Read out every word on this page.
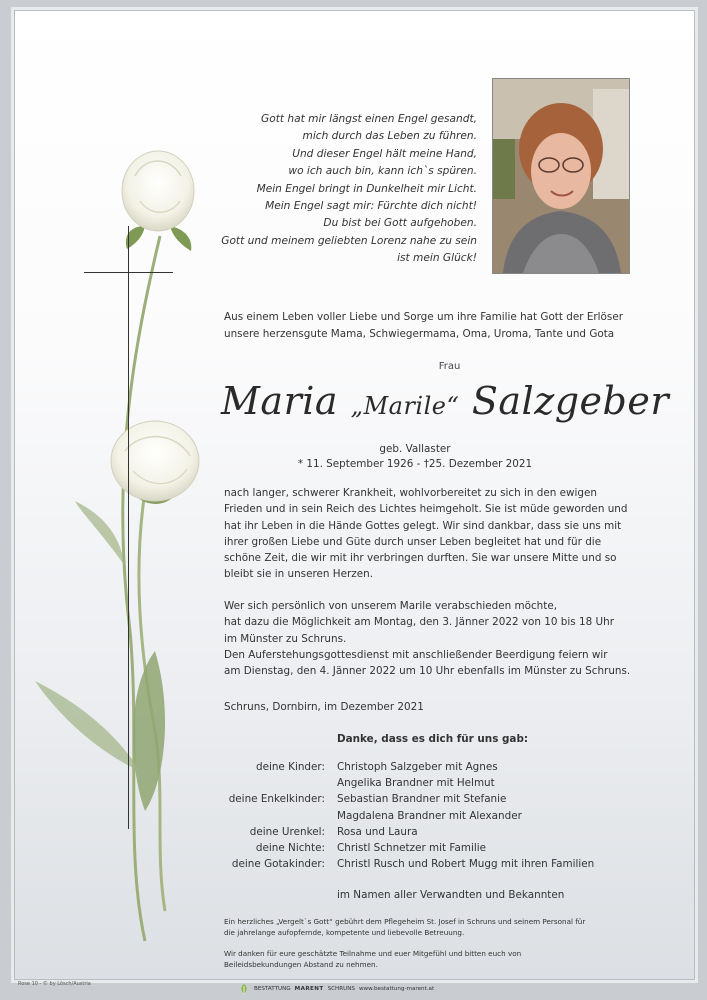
Gott hat mir längst einen Engel gesandt,
mich durch das Leben zu führen.
Und dieser Engel hält meine Hand,
wo ich auch bin, kann ich`s spüren.
Mein Engel bringt in Dunkelheit mir Licht.
Mein Engel sagt mir: Fürchte dich nicht!
Du bist bei Gott aufgehoben.
Gott und meinem geliebten Lorenz nahe zu sein
ist mein Glück!
Aus einem Leben voller Liebe und Sorge um ihre Familie hat Gott der Erlöser
unsere herzensgute Mama, Schwiegermama, Oma, Uroma, Tante und Gota
Frau
Maria „Marile“ Salzgeber
geb. Vallaster
* 11. September 1926 - †25. Dezember 2021
nach langer, schwerer Krankheit, wohlvorbereitet zu sich in den ewigen
Frieden und in sein Reich des Lichtes heimgeholt. Sie ist müde geworden und
hat ihr Leben in die Hände Gottes gelegt. Wir sind dankbar, dass sie uns mit
ihrer großen Liebe und Güte durch unser Leben begleitet hat und für die
schöne Zeit, die wir mit ihr verbringen durften. Sie war unsere Mitte und so
bleibt sie in unseren Herzen.
Wer sich persönlich von unserem Marile verabschieden möchte,
hat dazu die Möglichkeit am Montag, den 3. Jänner 2022 von 10 bis 18 Uhr
im Münster zu Schruns.
Den Auferstehungsgottesdienst mit anschließender Beerdigung feiern wir
am Dienstag, den 4. Jänner 2022 um 10 Uhr ebenfalls im Münster zu Schruns.
Schruns, Dornbirn, im Dezember 2021
Danke, dass es dich für uns gab:
deine Kinder:	Christoph Salzgeber mit Agnes
Angelika Brandner mit Helmut
deine Enkelkinder:	Sebastian Brandner mit Stefanie
Magdalena Brandner mit Alexander
deine Urenkel:	Rosa und Laura
deine Nichte:	Christl Schnetzer mit Familie
deine Gotakinder:	Christl Rusch und Robert Mugg mit ihren Familien
im Namen aller Verwandten und Bekannten

Ein herzliches „Vergelt`s Gott“ gebührt dem Pflegeheim St. Josef in Schruns und seinem Personal für die jahrelange aufopfernde, kompetente und liebevolle Betreuung.

Wir danken für eure geschätzte Teilnahme und euer Mitgefühl und bitten euch von Beileidsbekundungen Abstand zu nehmen.

Rose 10 - © by Lösch/Austria
BESTATTUNG MARENT SCHRUNS www.bestattung-marent.at
